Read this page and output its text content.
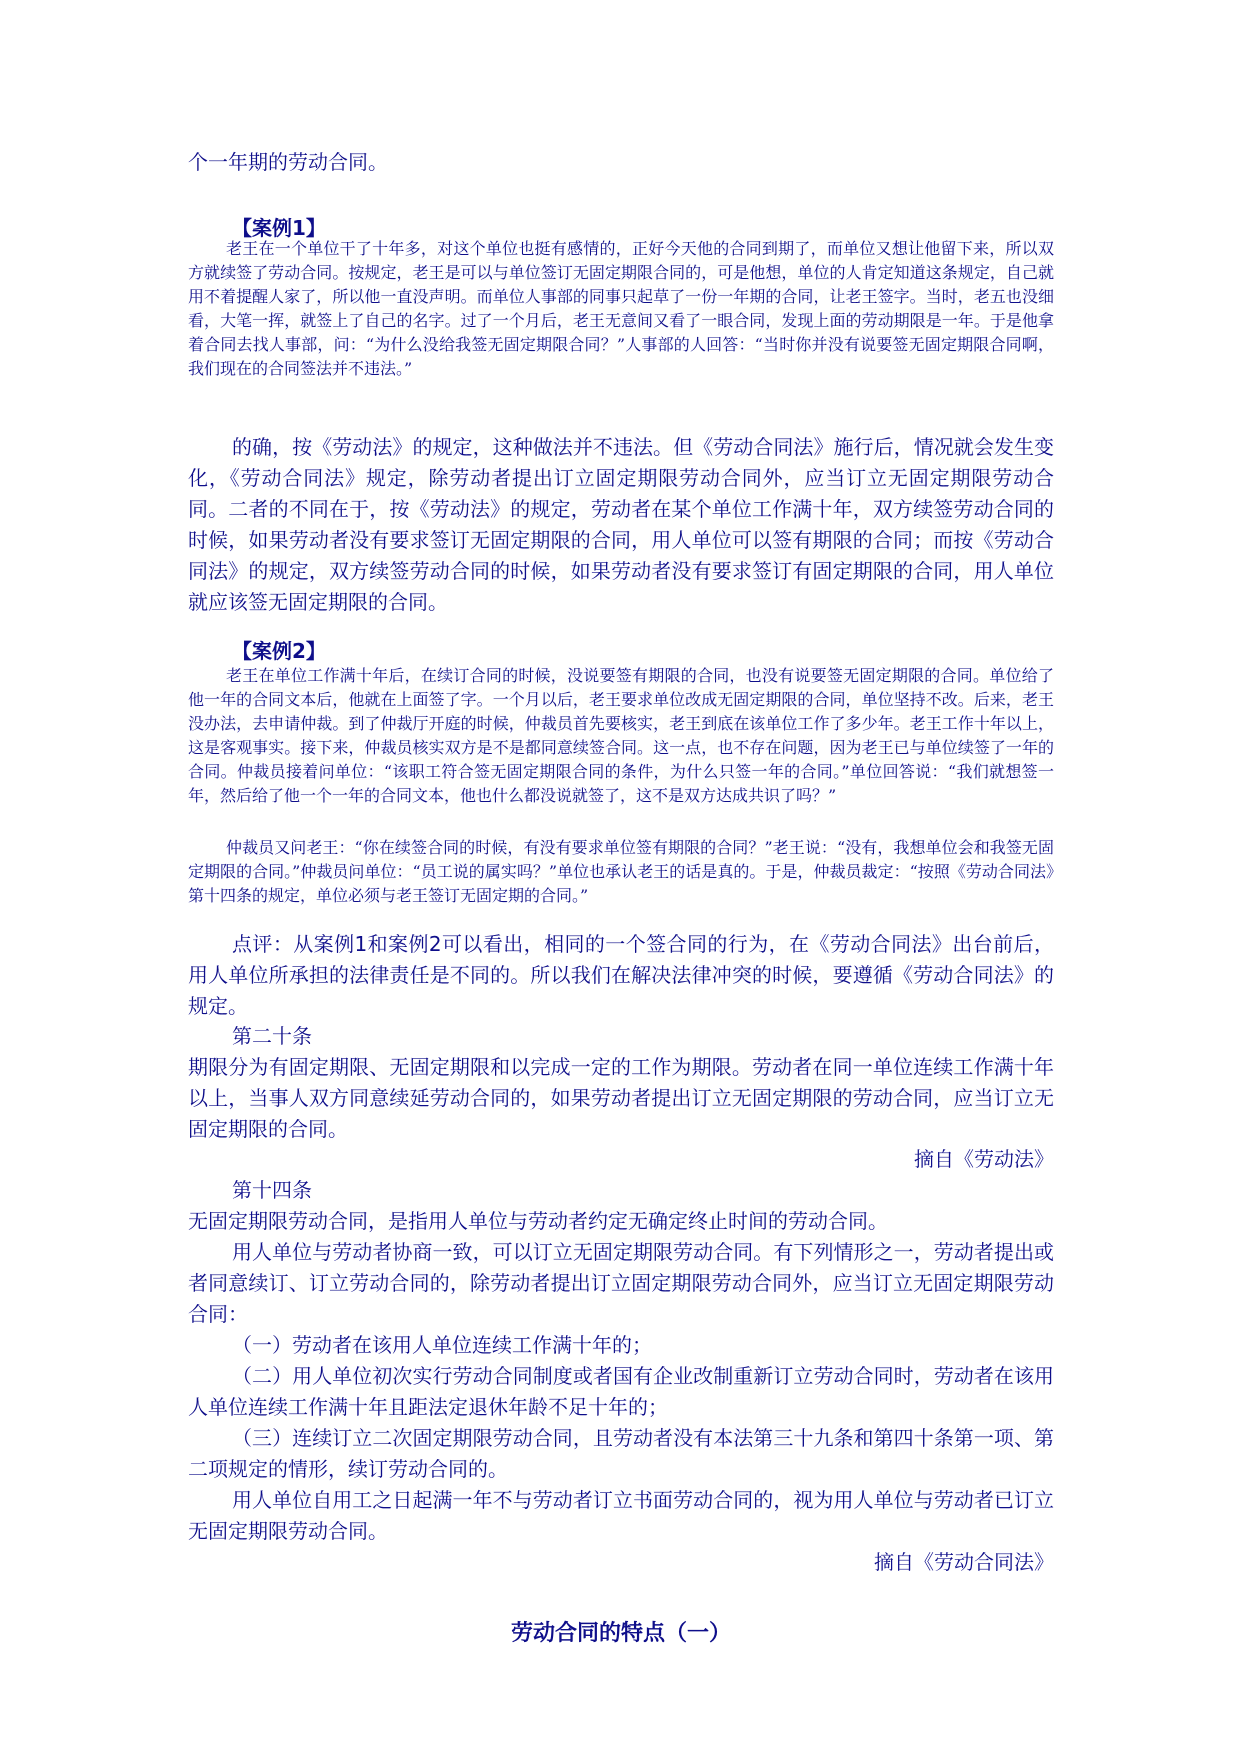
个一年期的劳动合同。

【案例1】

老王在一个单位干了十年多，对这个单位也挺有感情的，正好今天他的合同到期了，而单位又想让他留下来，所以双方就续签了劳动合同。按规定，老王是可以与单位签订无固定期限合同的，可是他想，单位的人肯定知道这条规定，自己就用不着提醒人家了，所以他一直没声明。而单位人事部的同事只起草了一份一年期的合同，让老王签字。当时，老五也没细看，大笔一挥，就签上了自己的名字。过了一个月后，老王无意间又看了一眼合同，发现上面的劳动期限是一年。于是他拿着合同去找人事部，问：“为什么没给我签无固定期限合同？”人事部的人回答：“当时你并没有说要签无固定期限合同啊，我们现在的合同签法并不违法。”

的确，按《劳动法》的规定，这种做法并不违法。但《劳动合同法》施行后，情况就会发生变化，《劳动合同法》规定，除劳动者提出订立固定期限劳动合同外，应当订立无固定期限劳动合同。二者的不同在于，按《劳动法》的规定，劳动者在某个单位工作满十年，双方续签劳动合同的时候，如果劳动者没有要求签订无固定期限的合同，用人单位可以签有期限的合同；而按《劳动合同法》的规定，双方续签劳动合同的时候，如果劳动者没有要求签订有固定期限的合同，用人单位就应该签无固定期限的合同。

【案例2】

老王在单位工作满十年后，在续订合同的时候，没说要签有期限的合同，也没有说要签无固定期限的合同。单位给了他一年的合同文本后，他就在上面签了字。一个月以后，老王要求单位改成无固定期限的合同，单位坚持不改。后来，老王没办法，去申请仲裁。到了仲裁厅开庭的时候，仲裁员首先要核实，老王到底在该单位工作了多少年。老王工作十年以上，这是客观事实。接下来，仲裁员核实双方是不是都同意续签合同。这一点，也不存在问题，因为老王已与单位续签了一年的合同。仲裁员接着问单位：“该职工符合签无固定期限合同的条件，为什么只签一年的合同。”单位回答说：“我们就想签一年，然后给了他一个一年的合同文本，他也什么都没说就签了，这不是双方达成共识了吗？”

仲裁员又问老王：“你在续签合同的时候，有没有要求单位签有期限的合同？”老王说：“没有，我想单位会和我签无固定期限的合同。”仲裁员问单位：“员工说的属实吗？”单位也承认老王的话是真的。于是，仲裁员裁定：“按照《劳动合同法》第十四条的规定，单位必须与老王签订无固定期的合同。”

点评：从案例1和案例2可以看出，相同的一个签合同的行为，在《劳动合同法》出台前后，用人单位所承担的法律责任是不同的。所以我们在解决法律冲突的时候，要遵循《劳动合同法》的规定。

第二十条

期限分为有固定期限、无固定期限和以完成一定的工作为期限。劳动者在同一单位连续工作满十年以上，当事人双方同意续延劳动合同的，如果劳动者提出订立无固定期限的劳动合同，应当订立无固定期限的合同。

摘自《劳动法》

第十四条

无固定期限劳动合同，是指用人单位与劳动者约定无确定终止时间的劳动合同。

用人单位与劳动者协商一致，可以订立无固定期限劳动合同。有下列情形之一，劳动者提出或者同意续订、订立劳动合同的，除劳动者提出订立固定期限劳动合同外，应当订立无固定期限劳动合同：

（一）劳动者在该用人单位连续工作满十年的；

（二）用人单位初次实行劳动合同制度或者国有企业改制重新订立劳动合同时，劳动者在该用人单位连续工作满十年且距法定退休年龄不足十年的；

（三）连续订立二次固定期限劳动合同，且劳动者没有本法第三十九条和第四十条第一项、第二项规定的情形，续订劳动合同的。

用人单位自用工之日起满一年不与劳动者订立书面劳动合同的，视为用人单位与劳动者已订立无固定期限劳动合同。

摘自《劳动合同法》

劳动合同的特点（一）
